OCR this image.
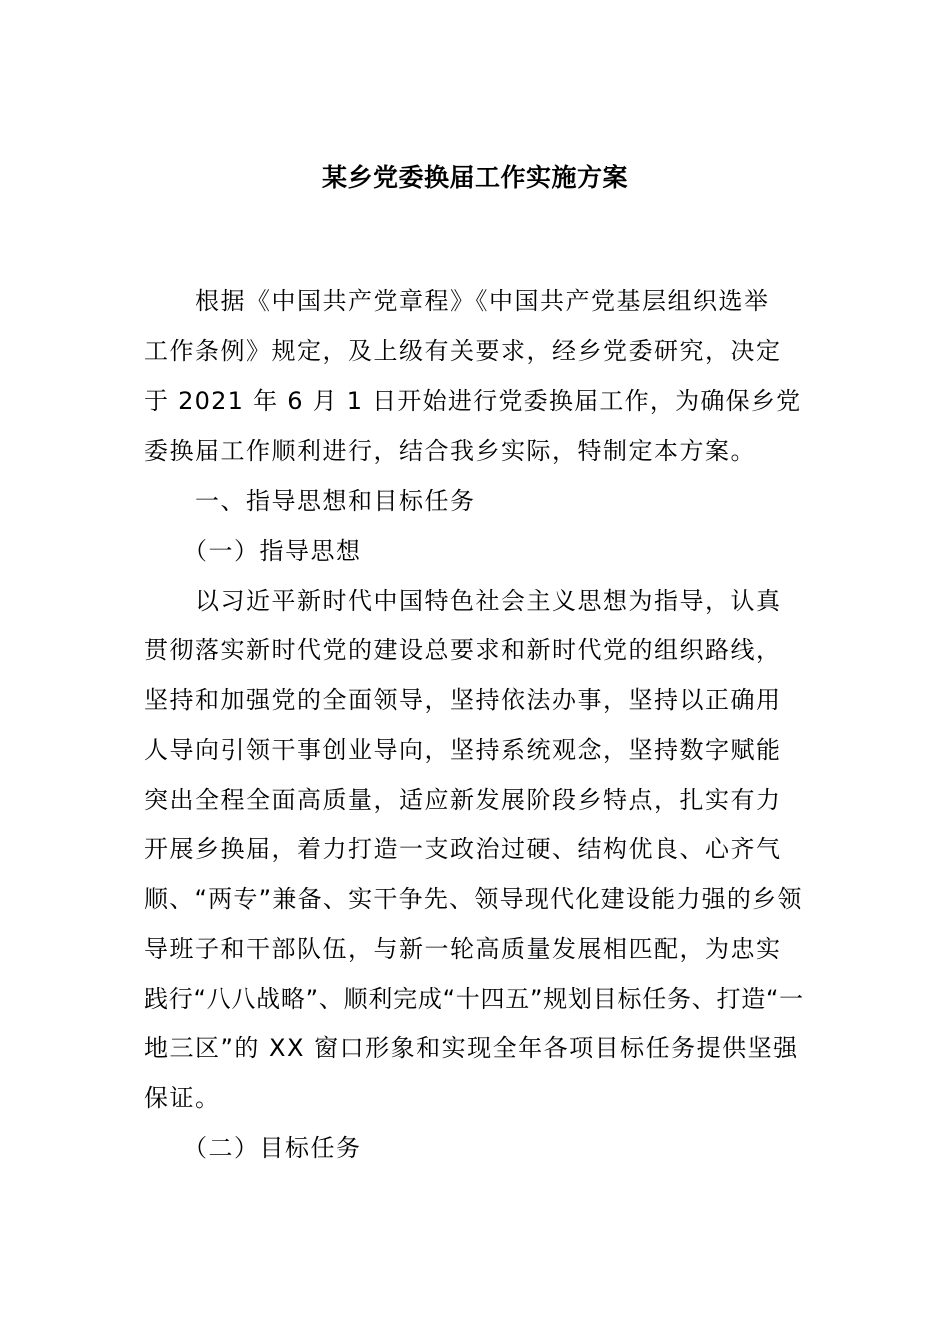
某乡党委换届工作实施方案
　　根据《中国共产党章程》《中国共产党基层组织选举
工作条例》规定，及上级有关要求，经乡党委研究，决定
于 2021 年 6 月 1 日开始进行党委换届工作，为确保乡党
委换届工作顺利进行，结合我乡实际，特制定本方案。
　　一、指导思想和目标任务
　　（一）指导思想
　　以习近平新时代中国特色社会主义思想为指导，认真
贯彻落实新时代党的建设总要求和新时代党的组织路线，
坚持和加强党的全面领导，坚持依法办事，坚持以正确用
人导向引领干事创业导向，坚持系统观念，坚持数字赋能
突出全程全面高质量，适应新发展阶段乡特点，扎实有力
开展乡换届，着力打造一支政治过硬、结构优良、心齐气
顺、“两专”兼备、实干争先、领导现代化建设能力强的乡领
导班子和干部队伍，与新一轮高质量发展相匹配，为忠实
践行“八八战略”、顺利完成“十四五”规划目标任务、打造“一
地三区”的 XX 窗口形象和实现全年各项目标任务提供坚强
保证。
　　（二）目标任务
